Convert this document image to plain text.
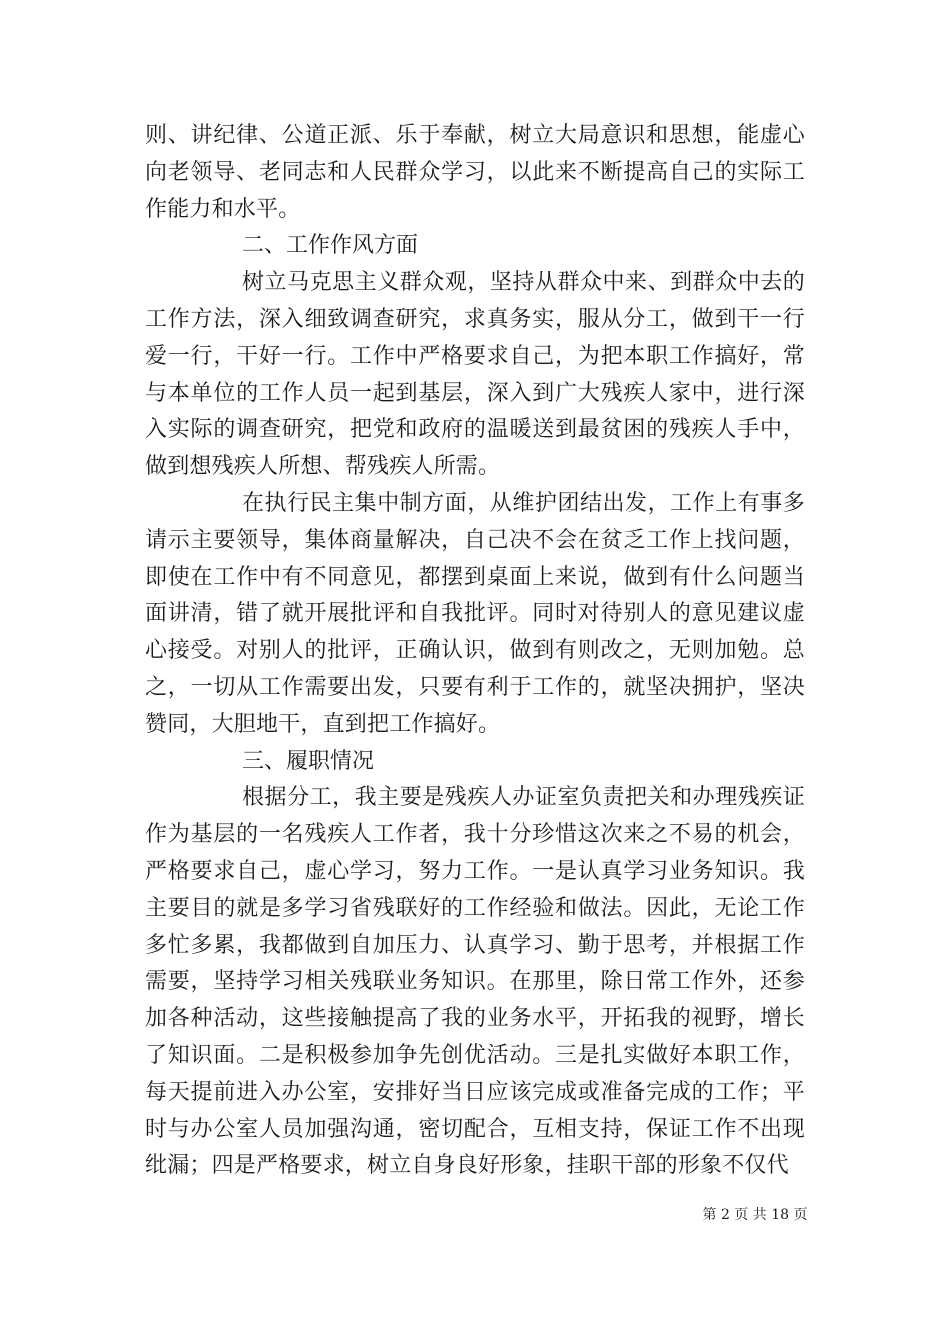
则、讲纪律、公道正派、乐于奉献，树立大局意识和思想，能虚心向老领导、老同志和人民群众学习，以此来不断提高自己的实际工作能力和水平。

二、工作作风方面

树立马克思主义群众观，坚持从群众中来、到群众中去的工作方法，深入细致调查研究，求真务实，服从分工，做到干一行爱一行，干好一行。工作中严格要求自己，为把本职工作搞好，常与本单位的工作人员一起到基层，深入到广大残疾人家中，进行深入实际的调查研究，把党和政府的温暖送到最贫困的残疾人手中，做到想残疾人所想、帮残疾人所需。

在执行民主集中制方面，从维护团结出发，工作上有事多请示主要领导，集体商量解决，自己决不会在贫乏工作上找问题，即使在工作中有不同意见，都摆到桌面上来说，做到有什么问题当面讲清，错了就开展批评和自我批评。同时对待别人的意见建议虚心接受。对别人的批评，正确认识，做到有则改之，无则加勉。总之，一切从工作需要出发，只要有利于工作的，就坚决拥护，坚决赞同，大胆地干，直到把工作搞好。

三、履职情况

根据分工，我主要是残疾人办证室负责把关和办理残疾证作为基层的一名残疾人工作者，我十分珍惜这次来之不易的机会，严格要求自己，虚心学习，努力工作。一是认真学习业务知识。我主要目的就是多学习省残联好的工作经验和做法。因此，无论工作多忙多累，我都做到自加压力、认真学习、勤于思考，并根据工作需要，坚持学习相关残联业务知识。在那里，除日常工作外，还参加各种活动，这些接触提高了我的业务水平，开拓我的视野，增长了知识面。二是积极参加争先创优活动。三是扎实做好本职工作，每天提前进入办公室，安排好当日应该完成或准备完成的工作；平时与办公室人员加强沟通，密切配合，互相支持，保证工作不出现纰漏；四是严格要求，树立自身良好形象，挂职干部的形象不仅代

第 2 页 共 18 页
